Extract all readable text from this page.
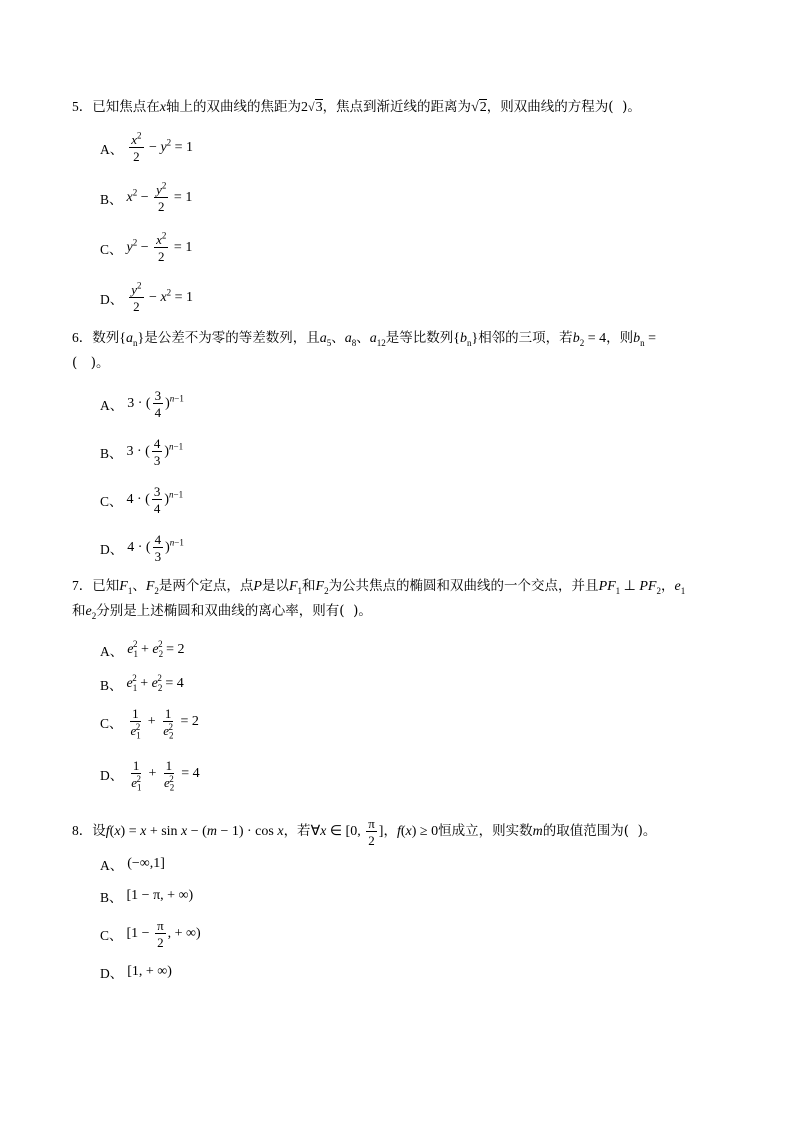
5．已知焦点在x轴上的双曲线的焦距为2√3，焦点到渐近线的距离为√2，则双曲线的方程为( )。
A、 $\frac{x^2}{2} - y^2 = 1$
B、 $x^2 - \frac{y^2}{2} = 1$
C、 $y^2 - \frac{x^2}{2} = 1$
D、 $\frac{y^2}{2} - x^2 = 1$
6．数列$\{a_n\}$是公差不为零的等差数列，且$a_5$、$a_8$、$a_{12}$是等比数列$\{b_n\}$相邻的三项，若$b_2 = 4$，则$b_n$ =
(　)。
A、 3 · ( $\frac{3}{4} )^{n-1}$
B、 3 · ( $\frac{4}{3} )^{n-1}$
C、 4 · ( $\frac{3}{4} )^{n-1}$
D、 4 · ( $\frac{4}{3} )^{n-1}$
7．已知$F_1$、$F_2$是两个定点，点P是以$F_1$和$F_2$为公共焦点的椭圆和双曲线的一个交点，并且$PF_1$ ⊥ $PF_2$，$e_1$
和$e_2$分别是上述椭圆和双曲线的离心率，则有( )。
A、 $e_1^2 + e_2^2 = 2$
B、 $e_1^2 + e_2^2 = 4$
C、 $\frac{1}{e_1^2} + \frac{1}{e_2^2} = 2$
D、 $\frac{1}{e_1^2} + \frac{1}{e_2^2} = 4$
8．设f(x) = x + sin x − (m − 1) · cos x，若∀x ∈ [0, $\frac{\pi}{2}$ ]，f(x) ≥ 0恒成立，则实数m的取值范围为( )。
A、 (−∞,1]
B、 [1 − π, + ∞)
C、 [$1 - \frac{\pi}{2}$ , + ∞)
D、 [1, + ∞)
